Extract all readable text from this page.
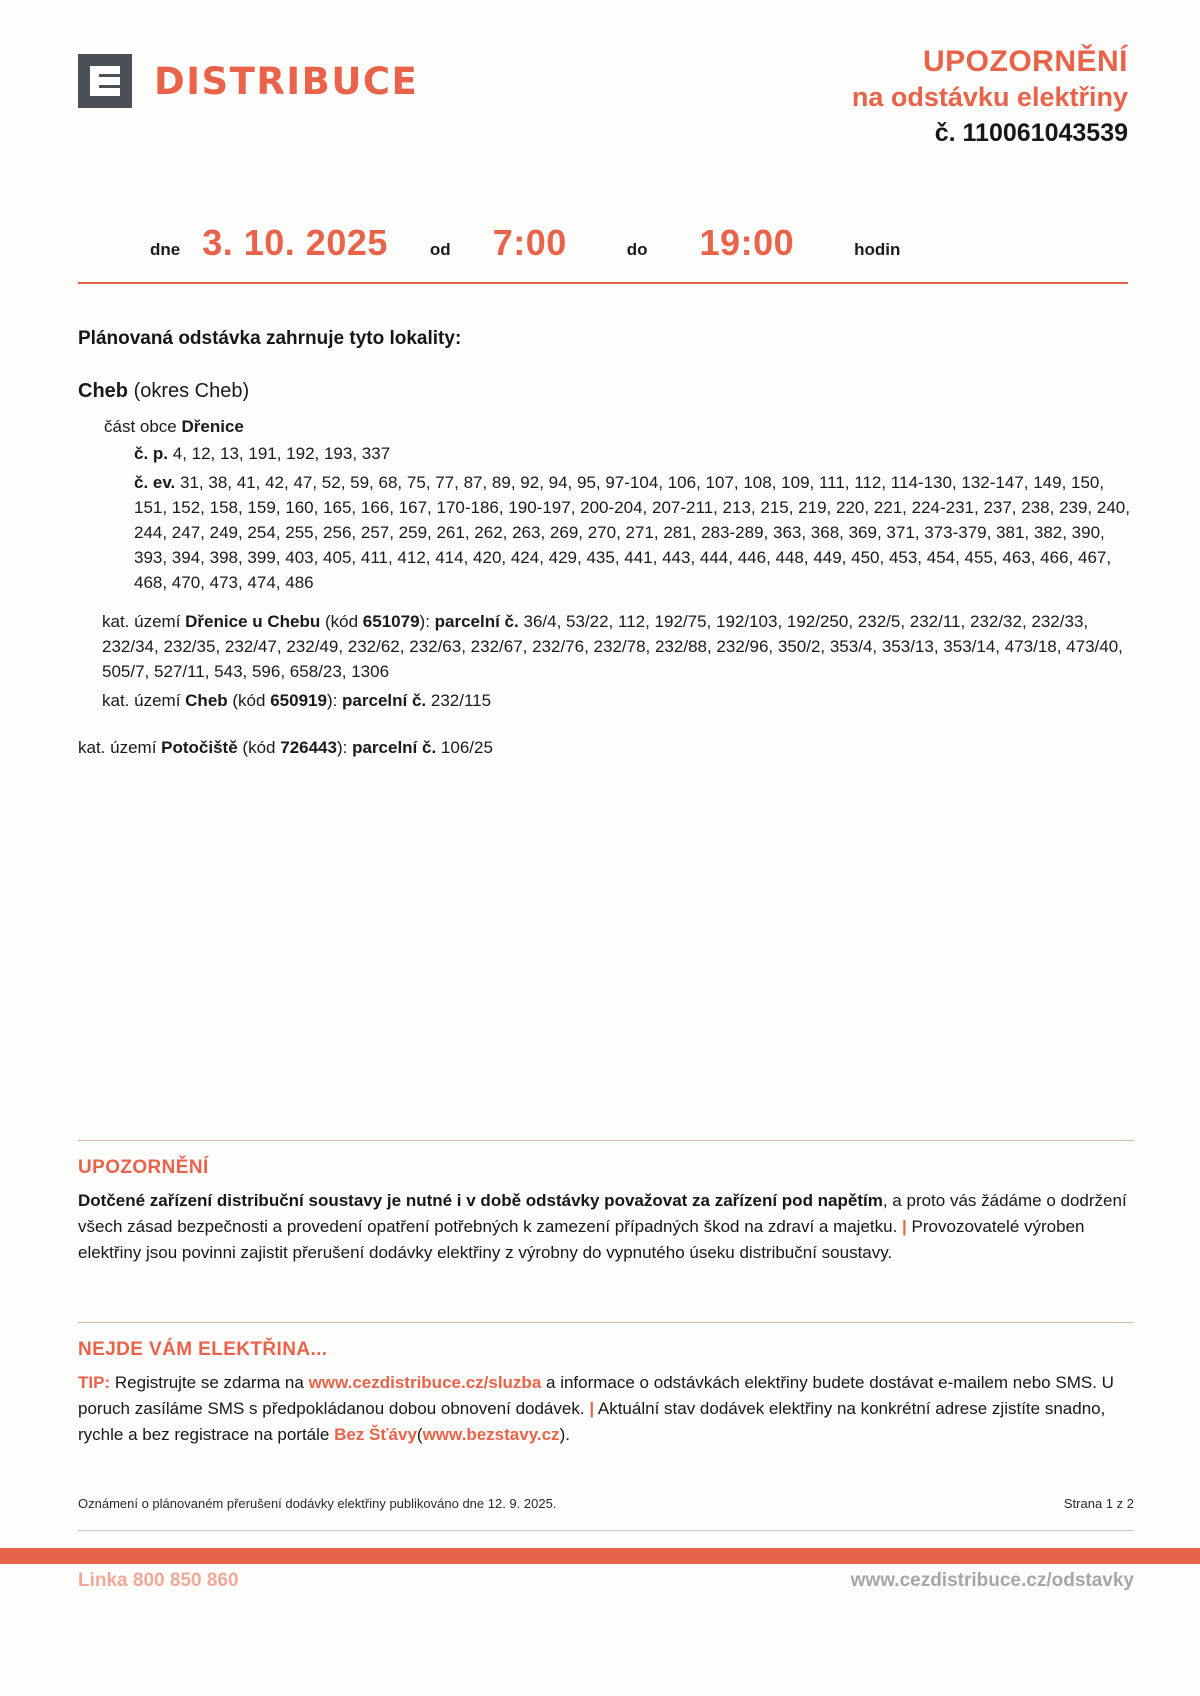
DISTRIBUCE	UPOZORNĚNÍ
na odstávku elektřiny
č. 110061043539
dne 3. 10. 2025 od 7:00	do 19:00	hodin
Plánovaná odstávka zahrnuje tyto lokality:
Cheb (okres Cheb)
část obce Dřenice
č. p. 4, 12, 13, 191, 192, 193, 337
č. ev. 31, 38, 41, 42, 47, 52, 59, 68, 75, 77, 87, 89, 92, 94, 95, 97-104, 106, 107, 108, 109, 111, 112, 114-130, 132-147, 149, 150, 151, 152, 158, 159, 160, 165, 166, 167, 170-186, 190-197, 200-204, 207-211, 213, 215, 219, 220, 221, 224-231, 237, 238, 239, 240, 244, 247, 249, 254, 255, 256, 257, 259, 261, 262, 263, 269, 270, 271, 281, 283-289, 363, 368, 369, 371, 373-379, 381, 382, 390, 393, 394, 398, 399, 403, 405, 411, 412, 414, 420, 424, 429, 435, 441, 443, 444, 446, 448, 449, 450, 453, 454, 455, 463, 466, 467, 468, 470, 473, 474, 486
kat. území Dřenice u Chebu (kód 651079): parcelní č. 36/4, 53/22, 112, 192/75, 192/103, 192/250, 232/5, 232/11, 232/32, 232/33, 232/34, 232/35, 232/47, 232/49, 232/62, 232/63, 232/67, 232/76, 232/78, 232/88, 232/96, 350/2, 353/4, 353/13, 353/14, 473/18, 473/40, 505/7, 527/11, 543, 596, 658/23, 1306
kat. území Cheb (kód 650919): parcelní č. 232/115
kat. území Potočiště (kód 726443): parcelní č. 106/25
UPOZORNĚNÍ
Dotčené zařízení distribuční soustavy je nutné i v době odstávky považovat za zařízení pod napětím, a proto vás žádáme o dodržení všech zásad bezpečnosti a provedení opatření potřebných k zamezení případných škod na zdraví a majetku. | Provozovatelé výroben elektřiny jsou povinni zajistit přerušení dodávky elektřiny z výrobny do vypnutého úseku distribuční soustavy.
NEJDE VÁM ELEKTŘINA...
TIP: Registrujte se zdarma na www.cezdistribuce.cz/sluzba a informace o odstávkách elektřiny budete dostávat e-mailem nebo SMS. U poruch zasíláme SMS s předpokládanou dobou obnovení dodávek. | Aktuální stav dodávek elektřiny na konkrétní adrese zjistíte snadno, rychle a bez registrace na portále Bez Šťávy(www.bezstavy.cz).
Oznámení o plánovaném přerušení dodávky elektřiny publikováno dne 12. 9. 2025.	Strana 1 z 2
Linka 800 850 860	www.cezdistribuce.cz/odstavky
